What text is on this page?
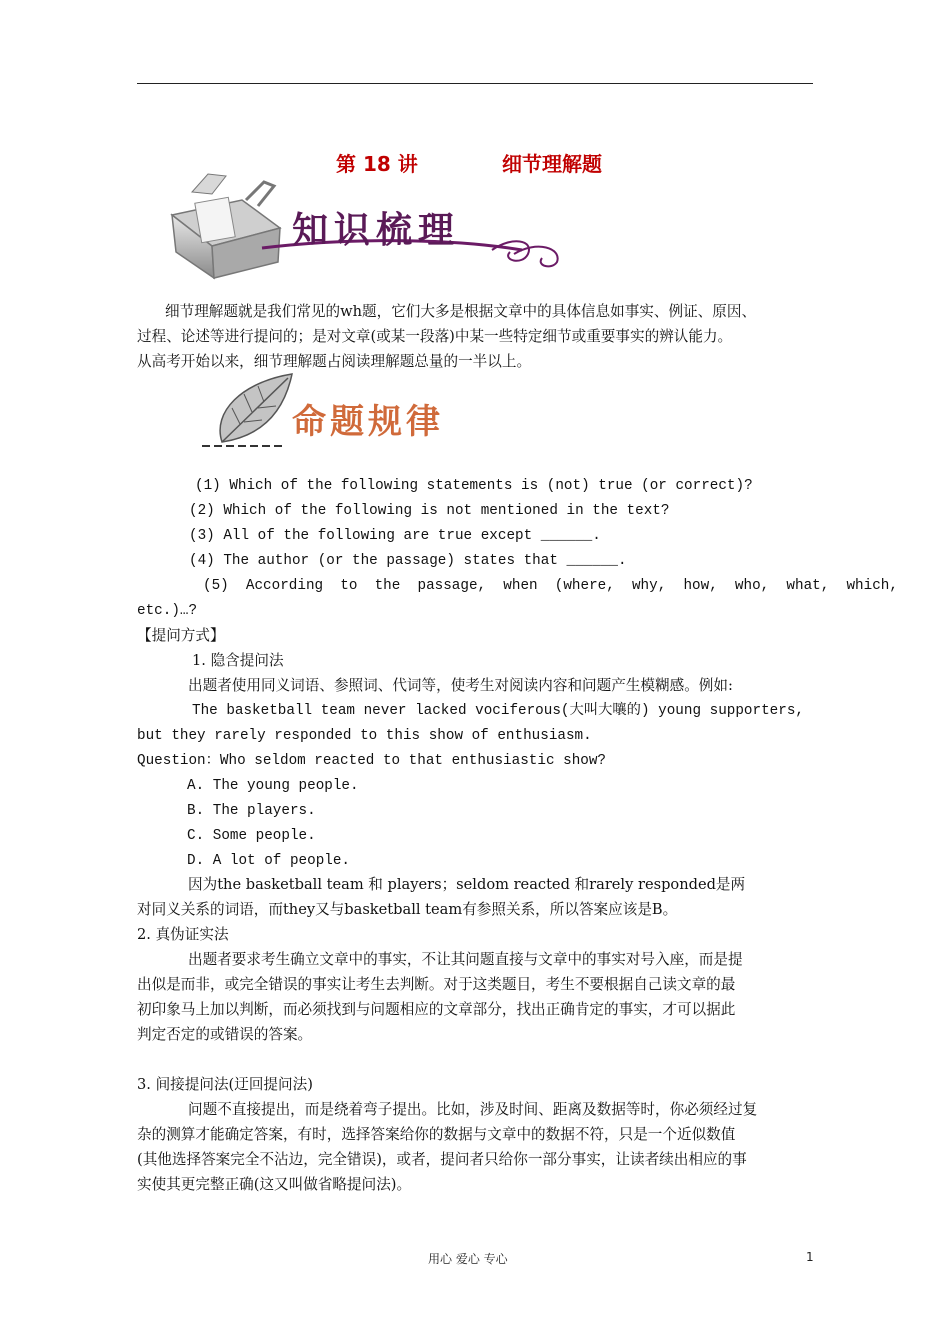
第 18 讲	细节理解题
知识梳理
细节理解题就是我们常见的wh题，它们大多是根据文章中的具体信息如事实、例证、原因、
过程、论述等进行提问的；是对文章(或某一段落)中某一些特定细节或重要事实的辨认能力。
从高考开始以来，细节理解题占阅读理解题总量的一半以上。
命题规律
(1) Which of the following statements is (not) true (or correct)?
(2) Which of the following is not mentioned in the text?
(3) All of the following are true except ______.
(4) The author (or the passage) states that ______.
(5)  According  to  the  passage,  when  (where,  why,  how,  who,  what,  which,
etc.)…?
【提问方式】
1. 隐含提问法
出题者使用同义词语、参照词、代词等，使考生对阅读内容和问题产生模糊感。例如:
The basketball team never lacked vociferous(大叫大嚷的) young supporters,
but they rarely responded to this show of enthusiasm.
Question：Who seldom reacted to that enthusiastic show?
A. The young people.
B. The players.
C. Some people.
D. A lot of people.
因为the basketball team 和 players；seldom reacted 和rarely responded是两
对同义关系的词语，而they又与basketball team有参照关系，所以答案应该是B。
2. 真伪证实法
出题者要求考生确立文章中的事实，不让其问题直接与文章中的事实对号入座，而是提
出似是而非，或完全错误的事实让考生去判断。对于这类题目，考生不要根据自己读文章的最
初印象马上加以判断，而必须找到与问题相应的文章部分，找出正确肯定的事实，才可以据此
判定否定的或错误的答案。
3. 间接提问法(迂回提问法)
问题不直接提出，而是绕着弯子提出。比如，涉及时间、距离及数据等时，你必须经过复
杂的测算才能确定答案，有时，选择答案给你的数据与文章中的数据不符，只是一个近似数值
(其他选择答案完全不沾边，完全错误)，或者，提问者只给你一部分事实，让读者续出相应的事
实使其更完整正确(这又叫做省略提问法)。
用心 爱心 专心	1
